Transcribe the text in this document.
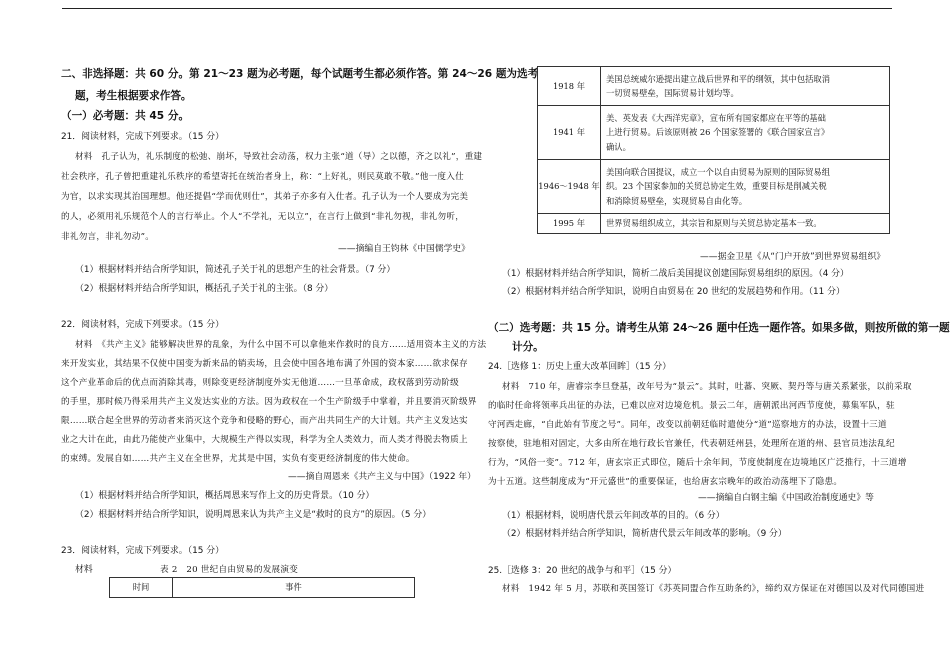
二、非选择题：共 60 分。第 21～23 题为必考题，每个试题考生都必须作答。第 24～26 题为选考
题，考生根据要求作答。
（一）必考题：共 45 分。
21．阅读材料，完成下列要求。（15 分）
材料　孔子认为，礼乐制度的松弛、崩坏，导致社会动荡，权力主张“道（导）之以德，齐之以礼”，重建
社会秩序，孔子曾把重建礼乐秩序的希望寄托在统治者身上，称：“上好礼，则民莫敢不敬。”他一度入仕
为官，以求实现其治国理想。他还提倡“学而优则仕”，其弟子亦多有入仕者。孔子认为一个人要成为完美
的人，必须用礼乐规范个人的言行举止。个人“不学礼，无以立”，在言行上做到“非礼勿视，非礼勿听，
非礼勿言，非礼勿动”。
——摘编自王钧林《中国儒学史》
（1）根据材料并结合所学知识，简述孔子关于礼的思想产生的社会背景。（7 分）
（2）根据材料并结合所学知识，概括孔子关于礼的主张。（8 分）
22．阅读材料，完成下列要求。（15 分）
材料　《共产主义》能够解决世界的乱象，为什么中国不可以拿他来作救时的良方……适用资本主义的方法
来开发实业，其结果不仅使中国变为新来品的销卖场，且会使中国各地布满了外国的资本家……欲求保存
这个产业革命后的优点而消除其毒，则除变更经济制度外实无他道……一旦革命成，政权落到劳动阶级
的手里，那时候乃得采用共产主义发达实业的方法。因为政权在一个生产阶级手中掌着，并且要消灭阶级界
限……联合起全世界的劳动者来消灭这个竞争和侵略的野心，而产出共同生产的大计划。共产主义发达实
业之大计在此，由此乃能使产业集中，大规模生产得以实现，科学为全人类效力，而人类才得脱去物质上
的束缚。发展自如……共产主义在全世界，尤其是中国，实负有变更经济制度的伟大使命。
——摘自周恩来《共产主义与中国》（1922 年）
（1）根据材料并结合所学知识，概括周恩来写作上文的历史背景。（10 分）
（2）根据材料并结合所学知识，说明周恩来认为共产主义是“救时的良方”的原因。（5 分）
23．阅读材料，完成下列要求。（15 分）
材料	表 2　20 世纪自由贸易的发展演变
时间	事件
1918 年	美国总统威尔逊提出建立战后世界和平的纲领，其中包括取消
一切贸易壁垒，国际贸易计划均等。

1941 年	美、英发表《大西洋宪章》，宣布所有国家都应在平等的基础
上进行贸易。后该原则被 26 个国家签署的《联合国家宣言》
确认。

1946～1948 年	美国向联合国提议，成立一个以自由贸易为原则的国际贸易组
织。23 个国家参加的关贸总协定生效，重要目标是削减关税
和消除贸易壁垒，实现贸易自由化等。

1995 年	世界贸易组织成立，其宗旨和原则与关贸总协定基本一致。
——据金卫星《从“门户开放”到世界贸易组织》
（1）根据材料并结合所学知识，简析二战后美国提议创建国际贸易组织的原因。（4 分）
（2）根据材料并结合所学知识，说明自由贸易在 20 世纪的发展趋势和作用。（11 分）
（二）选考题：共 15 分。请考生从第 24～26 题中任选一题作答。如果多做，则按所做的第一题
计分。
24.［选修 1：历史上重大改革回眸］（15 分）
材料　710 年，唐睿宗李旦登基，改年号为“景云”。其时，吐蕃、突厥、契丹等与唐关系紧张，以前采取
的临时任命将领率兵出征的办法，已难以应对边境危机。景云二年，唐朝派出河西节度使，募集军队，驻
守河西走廊，“自此始有节度之号”。同年，改变以前朝廷临时遣使分“道”巡察地方的办法，设置十三道
按察使，驻地相对固定，大多由所在地行政长官兼任，代表朝廷州县，处理所在道的州、县官员违法乱纪
行为，“风俗一变”。712 年，唐玄宗正式即位，随后十余年间，节度使制度在边境地区广泛推行，十三道增
为十五道。这些制度成为“开元盛世”的重要保证，也给唐玄宗晚年的政治动荡埋下了隐患。
——摘编自白钢主编《中国政治制度通史》等
（1）根据材料，说明唐代景云年间改革的目的。（6 分）
（2）根据材料并结合所学知识，简析唐代景云年间改革的影响。（9 分）
25.［选修 3：20 世纪的战争与和平］（15 分）
材料　1942 年 5 月，苏联和英国签订《苏英同盟合作互助条约》，缔约双方保证在对德国以及对代同德国进
